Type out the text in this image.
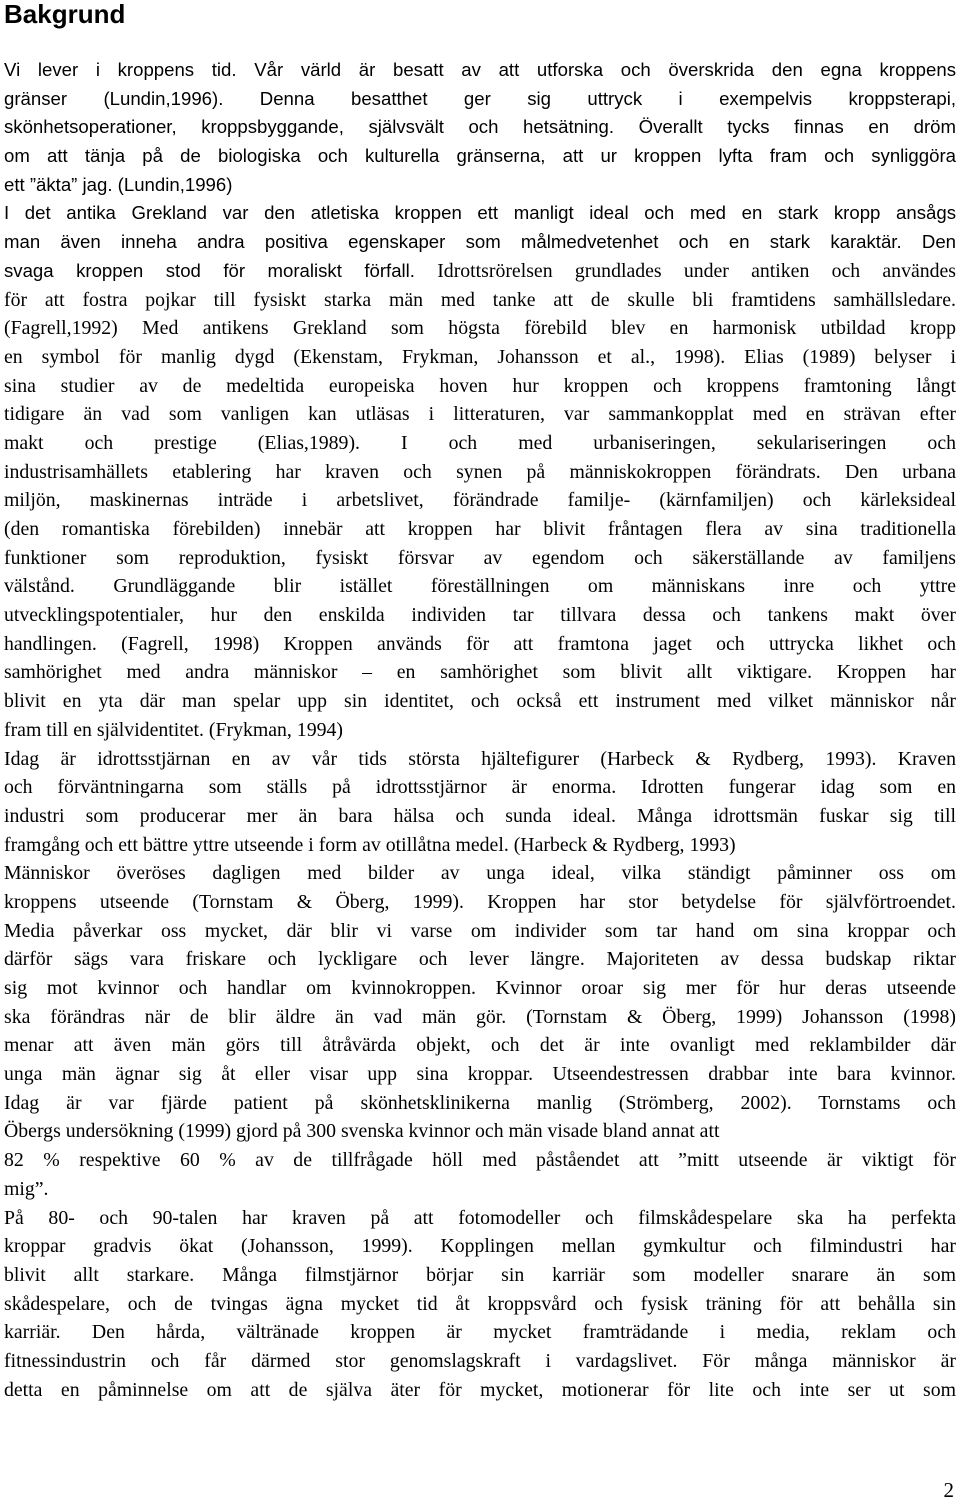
Bakgrund
Vi lever i kroppens tid. Vår värld är besatt av att utforska och överskrida den egna kroppens
gränser (Lundin,1996). Denna besatthet ger sig uttryck i exempelvis kroppsterapi,
skönhetsoperationer, kroppsbyggande, självsvält och hetsätning. Överallt tycks finnas en dröm
om att tänja på de biologiska och kulturella gränserna, att ur kroppen lyfta fram och synliggöra
ett ”äkta” jag. (Lundin,1996)
I det antika Grekland var den atletiska kroppen ett manligt ideal och med en stark kropp ansågs
man även inneha andra positiva egenskaper som målmedvetenhet och en stark karaktär. Den
svaga kroppen stod för moraliskt förfall. Idrottsrörelsen grundlades under antiken och användes
för att fostra pojkar till fysiskt starka män med tanke att de skulle bli framtidens samhällsledare.
(Fagrell,1992) Med antikens Grekland som högsta förebild blev en harmonisk utbildad kropp
en symbol för manlig dygd (Ekenstam, Frykman, Johansson et al., 1998). Elias (1989) belyser i
sina studier av de medeltida europeiska hoven hur kroppen och kroppens framtoning långt
tidigare än vad som vanligen kan utläsas i litteraturen, var sammankopplat med en strävan efter
makt och prestige (Elias,1989). I och med urbaniseringen, sekulariseringen och
industrisamhällets etablering har kraven och synen på människokroppen förändrats. Den urbana
miljön, maskinernas inträde i arbetslivet, förändrade familje- (kärnfamiljen) och kärleksideal
(den romantiska förebilden) innebär att kroppen har blivit fråntagen flera av sina traditionella
funktioner som reproduktion, fysiskt försvar av egendom och säkerställande av familjens
välstånd. Grundläggande blir istället föreställningen om människans inre och yttre
utvecklingspotentialer, hur den enskilda individen tar tillvara dessa och tankens makt över
handlingen. (Fagrell, 1998) Kroppen används för att framtona jaget och uttrycka likhet och
samhörighet med andra människor – en samhörighet som blivit allt viktigare. Kroppen har
blivit en yta där man spelar upp sin identitet, och också ett instrument med vilket människor når
fram till en självidentitet. (Frykman, 1994)
Idag är idrottsstjärnan en av vår tids största hjältefigurer (Harbeck & Rydberg, 1993). Kraven
och förväntningarna som ställs på idrottsstjärnor är enorma. Idrotten fungerar idag som en
industri som producerar mer än bara hälsa och sunda ideal. Många idrottsmän fuskar sig till
framgång och ett bättre yttre utseende i form av otillåtna medel. (Harbeck & Rydberg, 1993)
Människor överöses dagligen med bilder av unga ideal, vilka ständigt påminner oss om
kroppens utseende (Tornstam & Öberg, 1999). Kroppen har stor betydelse för självförtroendet.
Media påverkar oss mycket, där blir vi varse om individer som tar hand om sina kroppar och
därför sägs vara friskare och lyckligare och lever längre. Majoriteten av dessa budskap riktar
sig mot kvinnor och handlar om kvinnokroppen. Kvinnor oroar sig mer för hur deras utseende
ska förändras när de blir äldre än vad män gör. (Tornstam & Öberg, 1999) Johansson (1998)
menar att även män görs till åtråvärda objekt, och det är inte ovanligt med reklambilder där
unga män ägnar sig åt eller visar upp sina kroppar. Utseendestressen drabbar inte bara kvinnor.
Idag är var fjärde patient på skönhetsklinikerna manlig (Strömberg, 2002). Tornstams och
Öbergs undersökning (1999) gjord på 300 svenska kvinnor och män visade bland annat att
82 % respektive 60 % av de tillfrågade höll med påståendet att ”mitt utseende är viktigt för
mig”.
På 80- och 90-talen har kraven på att fotomodeller och filmskådespelare ska ha perfekta
kroppar gradvis ökat (Johansson, 1999). Kopplingen mellan gymkultur och filmindustri har
blivit allt starkare. Många filmstjärnor börjar sin karriär som modeller snarare än som
skådespelare, och de tvingas ägna mycket tid åt kroppsvård och fysisk träning för att behålla sin
karriär. Den hårda, vältränade kroppen är mycket framträdande i media, reklam och
fitnessindustrin och får därmed stor genomslagskraft i vardagslivet. För många människor är
detta en påminnelse om att de själva äter för mycket, motionerar för lite och inte ser ut som
2
